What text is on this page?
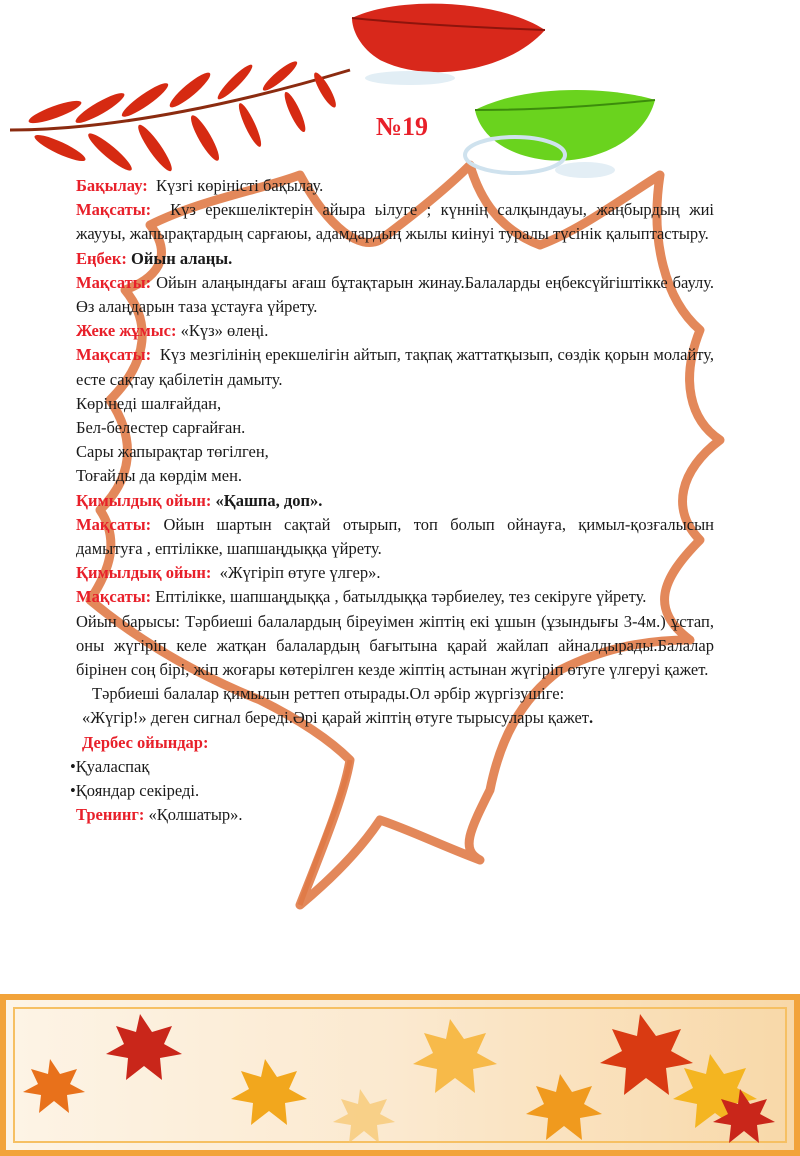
№19

Бақылау: Күзгі көріністі бақылау.

Мақсаты: Күз ерекшеліктерін айыра ьілуге ; күннің салқындауы, жаңбырдың жиі жаууы, жапырақтардың сарғаюы, адамдардың жылы киінуі туралы түсінік қалыптастыру.

Еңбек: Ойын алаңы.

Мақсаты: Ойын алаңындағы ағаш бұтақтарын жинау.Балаларды еңбексүйгіштікке баулу. Өз алаңдарын таза ұстауға үйрету.

Жеке жұмыс: «Күз» өлеңі.

Мақсаты: Күз мезгілінің ерекшелігін айтып, тақпақ жаттатқызып, сөздік қорын молайту, есте сақтау қабілетін дамыту.

Көрінеді шалғайдан,

Бел-белестер сарғайған.

Сары жапырақтар төгілген,

Тоғайды да көрдім мен.

Қимылдық ойын: «Қашпа, доп».

Мақсаты: Ойын шартын сақтай отырып, топ болып ойнауға, қимыл-қозғалысын дамытуға , ептілікке, шапшаңдыққа үйрету.

Қимылдық ойын: «Жүгіріп өтуге үлгер».

Мақсаты: Ептілікке, шапшаңдыққа , батылдыққа тәрбиелеу, тез секіруге үйрету.

Ойын барысы: Тәрбиеші балалардың біреуімен жіптің екі ұшын (ұзындығы 3-4м.) ұстап, оны жүгіріп келе жатқан балалардың бағытына қарай жайлап айналдырады.Балалар бірінен соң бірі, жіп жоғары көтерілген кезде жіптің астынан жүгіріп өтуге үлгеруі қажет.

Тәрбиеші балалар қимылын реттеп отырады.Ол әрбір жүргізушіге:

«Жүгір!» деген сигнал береді.Әрі қарай жіптің өтуге тырысулары қажет.

Дербес ойындар:

• Қуаласпақ

• Қояндар секіреді.

Тренинг: «Қолшатыр».
